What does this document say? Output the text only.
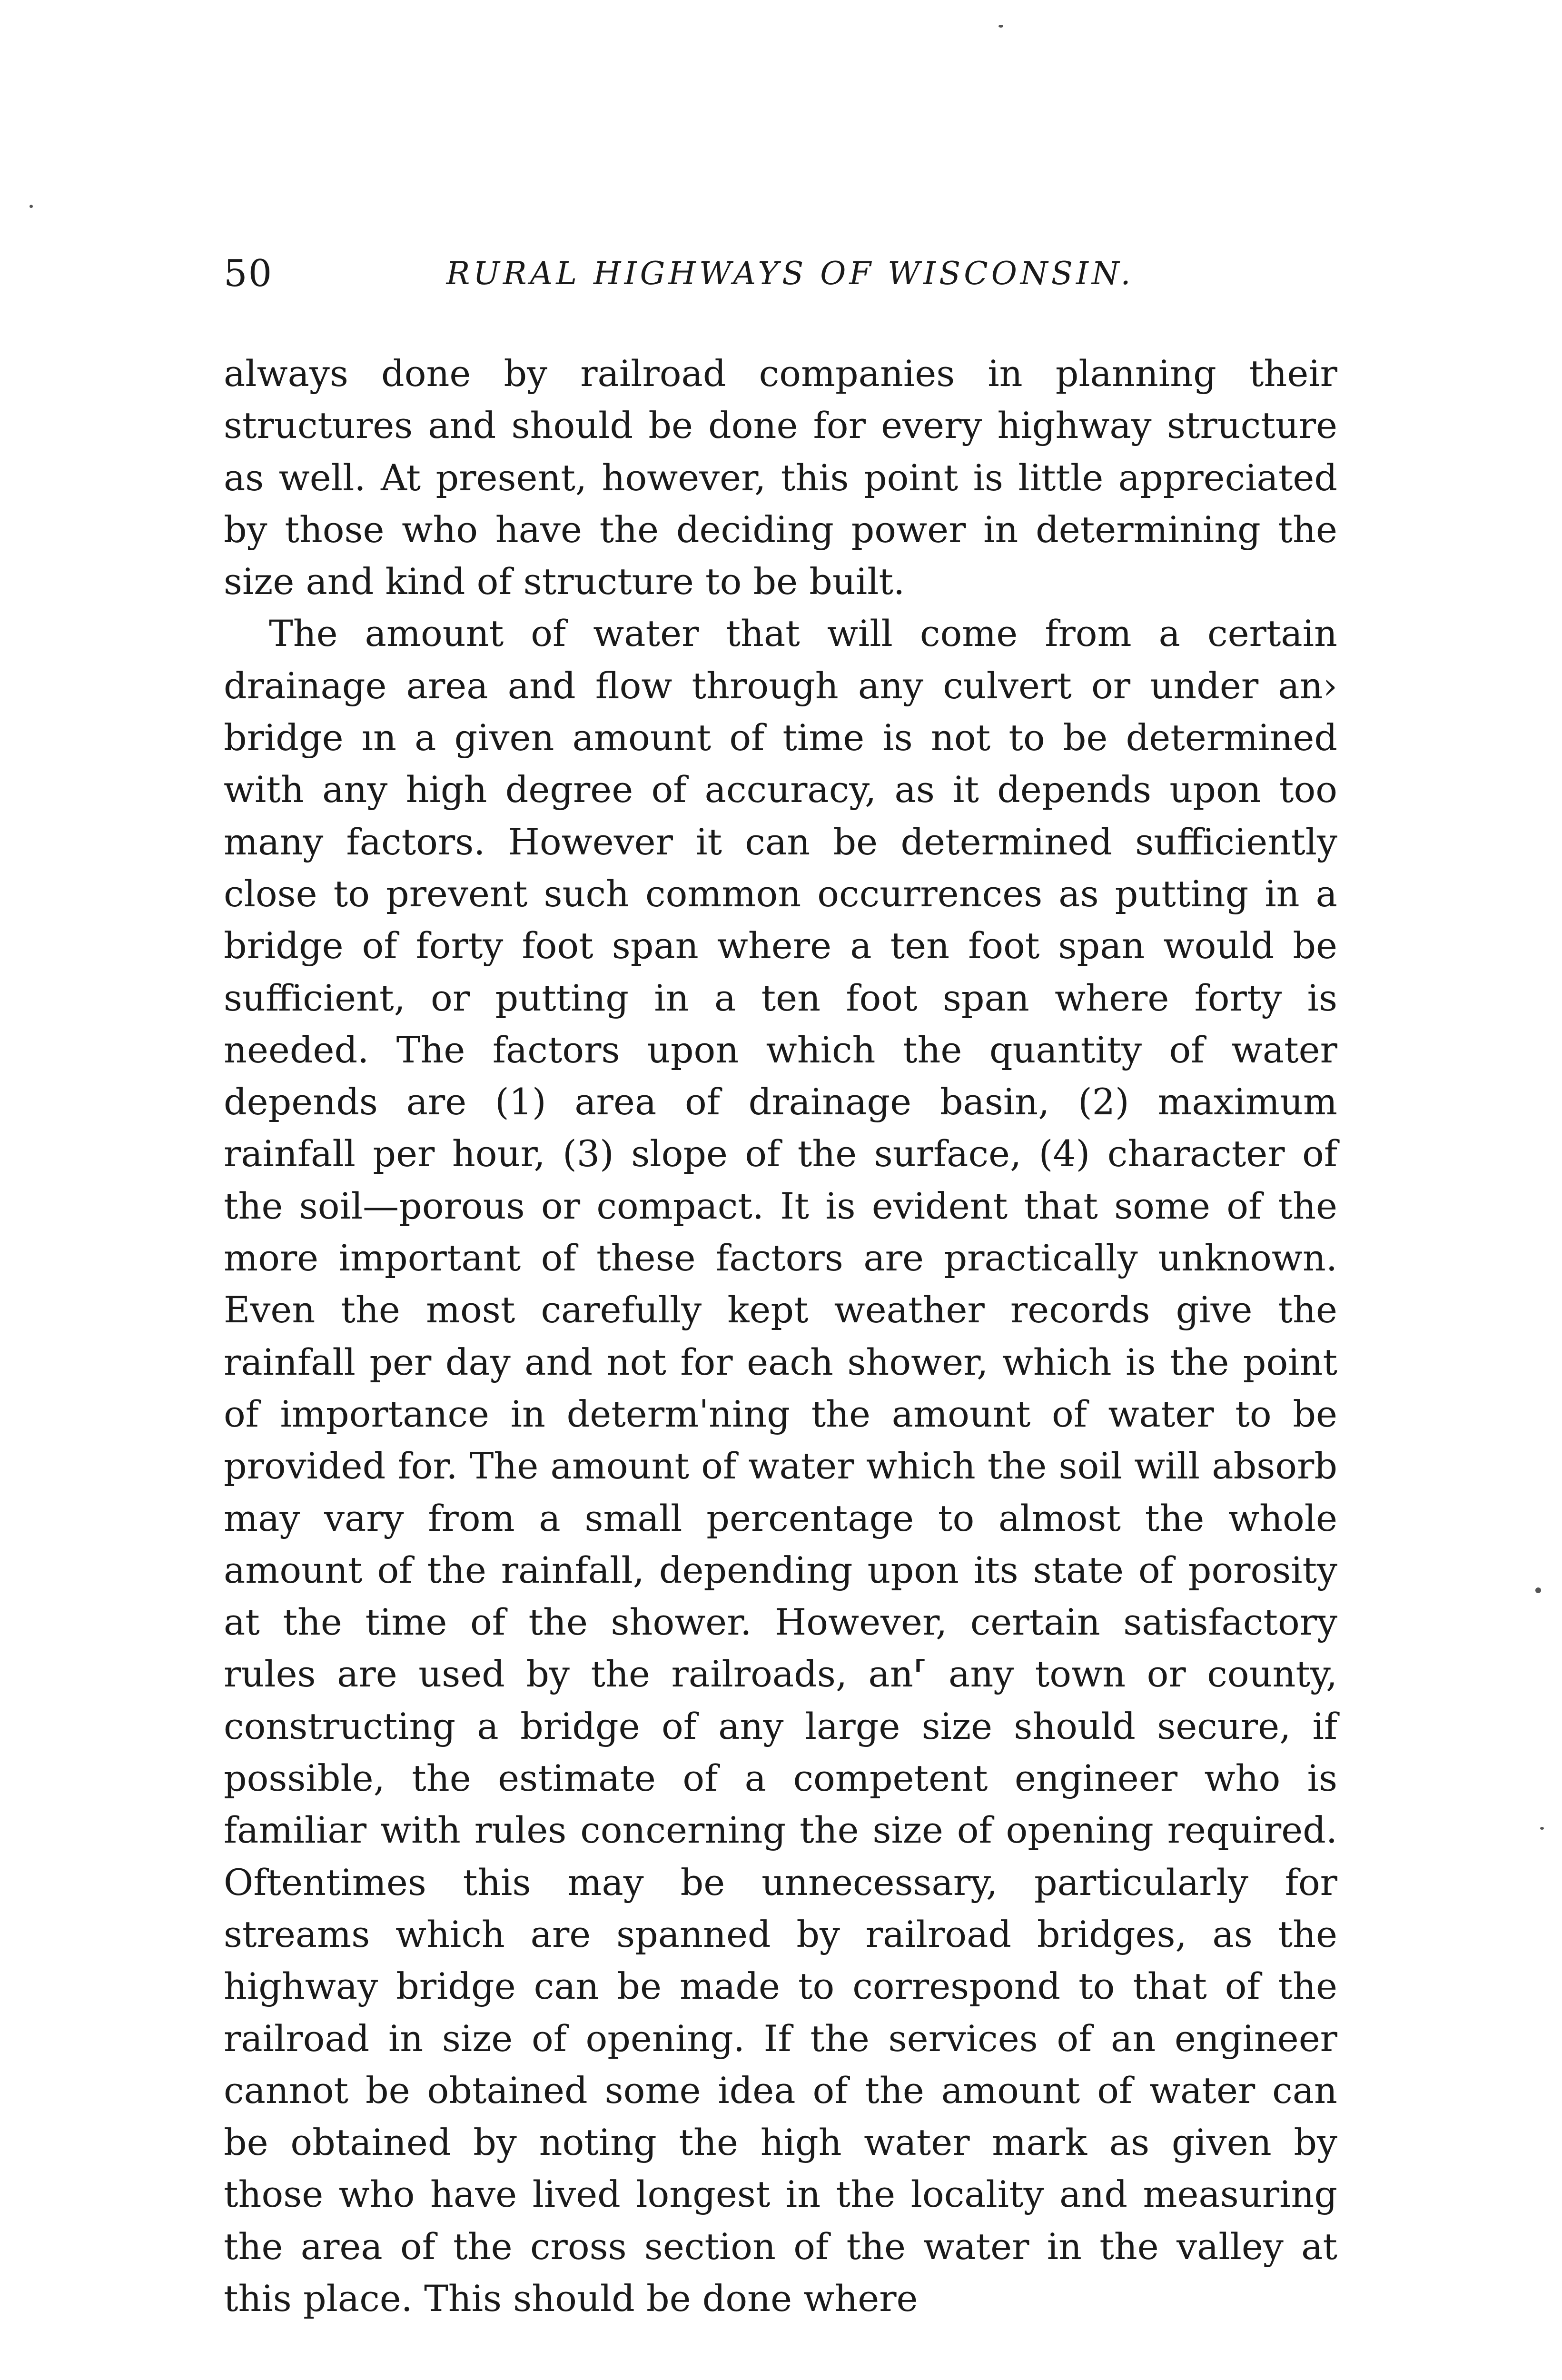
50	RURAL HIGHWAYS OF WISCONSIN.

always done by railroad companies in planning their structures and should be done for every highway structure as well. At present, however, this point is little appreciated by those who have the deciding power in determining the size and kind of structure to be built.

The amount of water that will come from a certain drainage area and flow through any culvert or under an› bridge ın a given amount of time is not to be determined with any high degree of accuracy, as it depends upon too many factors. However it can be determined sufficiently close to prevent such common occurrences as putting in a bridge of forty foot span where a ten foot span would be sufficient, or putting in a ten foot span where forty is needed. The factors upon which the quantity of water depends are (1) area of drainage basin, (2) maximum rainfall per hour, (3) slope of the surface, (4) character of the soil—porous or compact. It is evident that some of the more important of these factors are practically unknown. Even the most carefully kept weather records give the rainfall per day and not for each shower, which is the point of importance in determˈning the amount of water to be provided for. The amount of water which the soil will absorb may vary from a small percentage to almost the whole amount of the rainfall, depending upon its state of porosity at the time of the shower. However, certain satisfactory rules are used by the railroads, an⸢ any town or county, constructing a bridge of any large size should secure, if possible, the estimate of a competent engineer who is familiar with rules concerning the size of opening required. Oftentimes this may be unnecessary, particularly for streams which are spanned by railroad bridges, as the highway bridge can be made to correspond to that of the railroad in size of opening. If the services of an engineer cannot be obtained some idea of the amount of water can be obtained by noting the high water mark as given by those who have lived longest in the locality and measuring the area of the cross section of the water in the valley at this place. This should be done where
